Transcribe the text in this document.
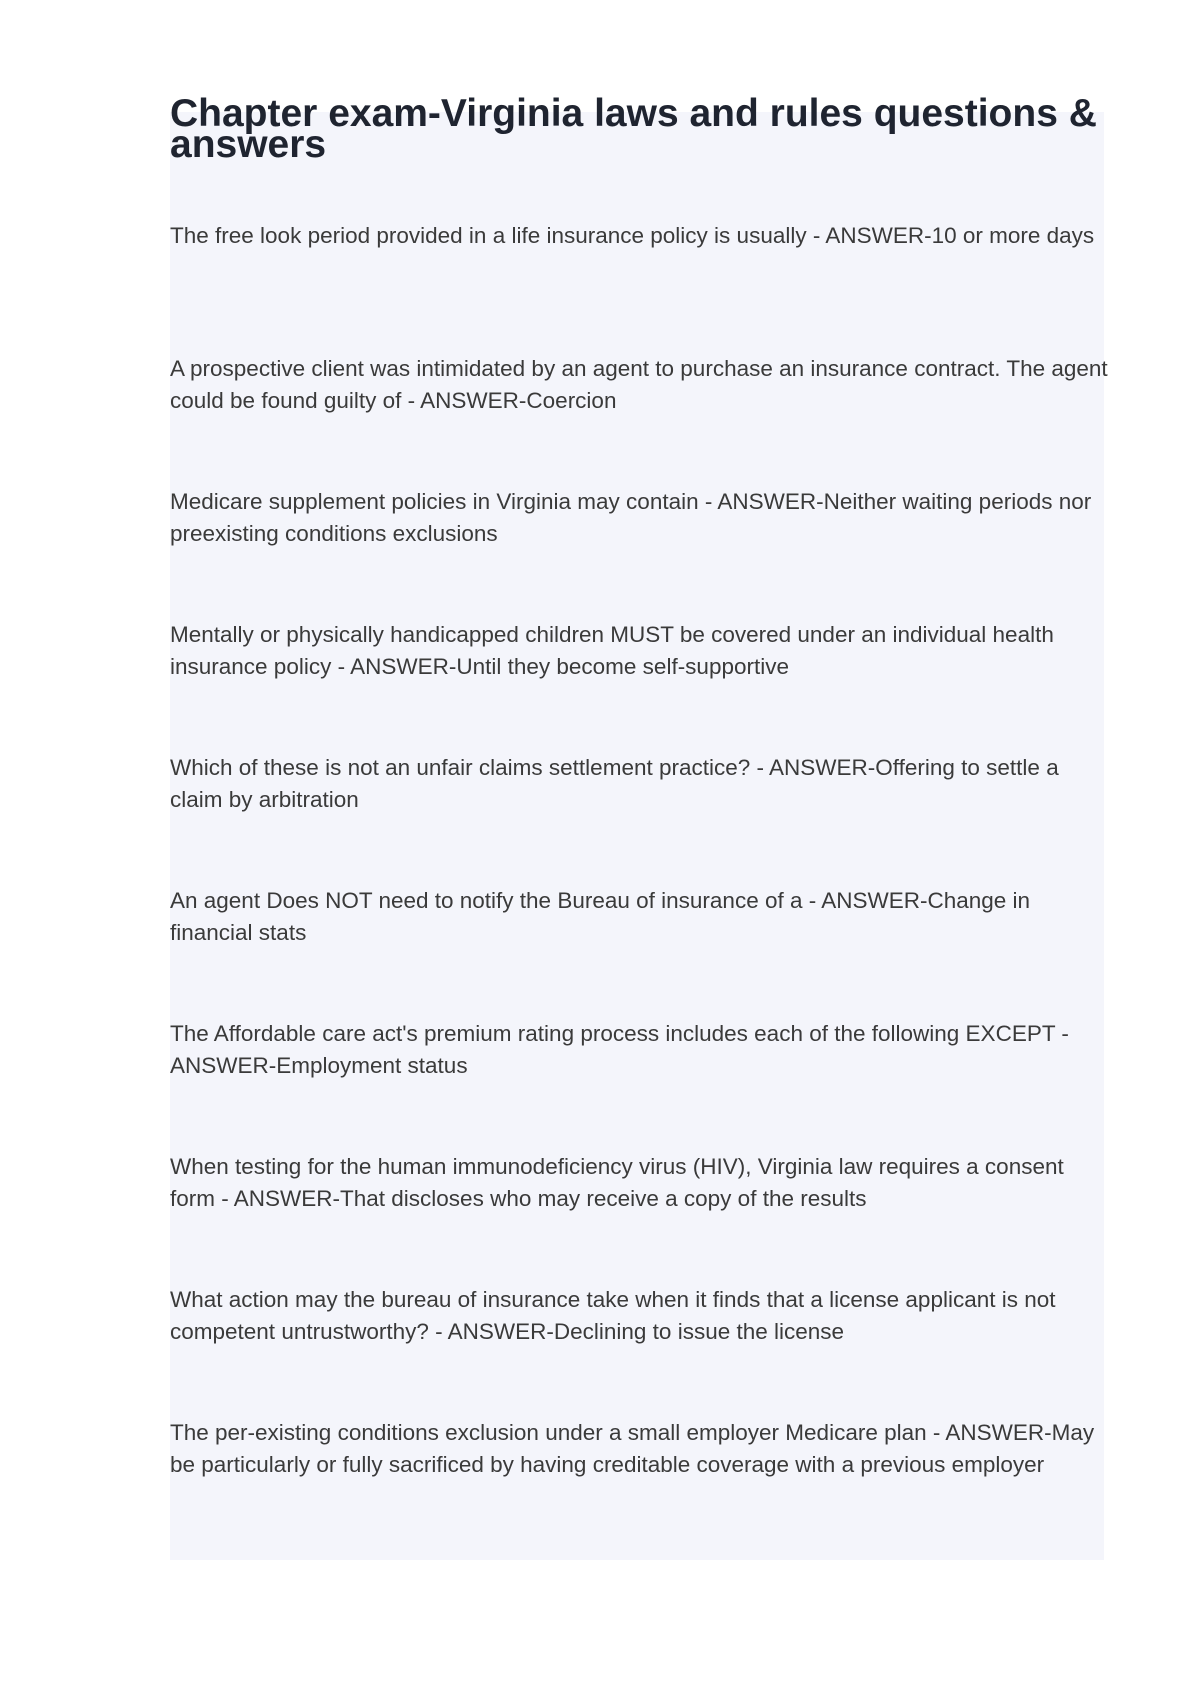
Chapter exam-Virginia laws and rules questions & answers

The free look period provided in a life insurance policy is usually - ANSWER-10 or more days

A prospective client was intimidated by an agent to purchase an insurance contract. The agent could be found guilty of - ANSWER-Coercion

Medicare supplement policies in Virginia may contain - ANSWER-Neither waiting periods nor preexisting conditions exclusions

Mentally or physically handicapped children MUST be covered under an individual health insurance policy - ANSWER-Until they become self-supportive

Which of these is not an unfair claims settlement practice? - ANSWER-Offering to settle a claim by arbitration

An agent Does NOT need to notify the Bureau of insurance of a - ANSWER-Change in financial stats

The Affordable care act's premium rating process includes each of the following EXCEPT - ANSWER-Employment status

When testing for the human immunodeficiency virus (HIV), Virginia law requires a consent form - ANSWER-That discloses who may receive a copy of the results

What action may the bureau of insurance take when it finds that a license applicant is not competent untrustworthy? - ANSWER-Declining to issue the license

The per-existing conditions exclusion under a small employer Medicare plan - ANSWER-May be particularly or fully sacrificed by having creditable coverage with a previous employer
